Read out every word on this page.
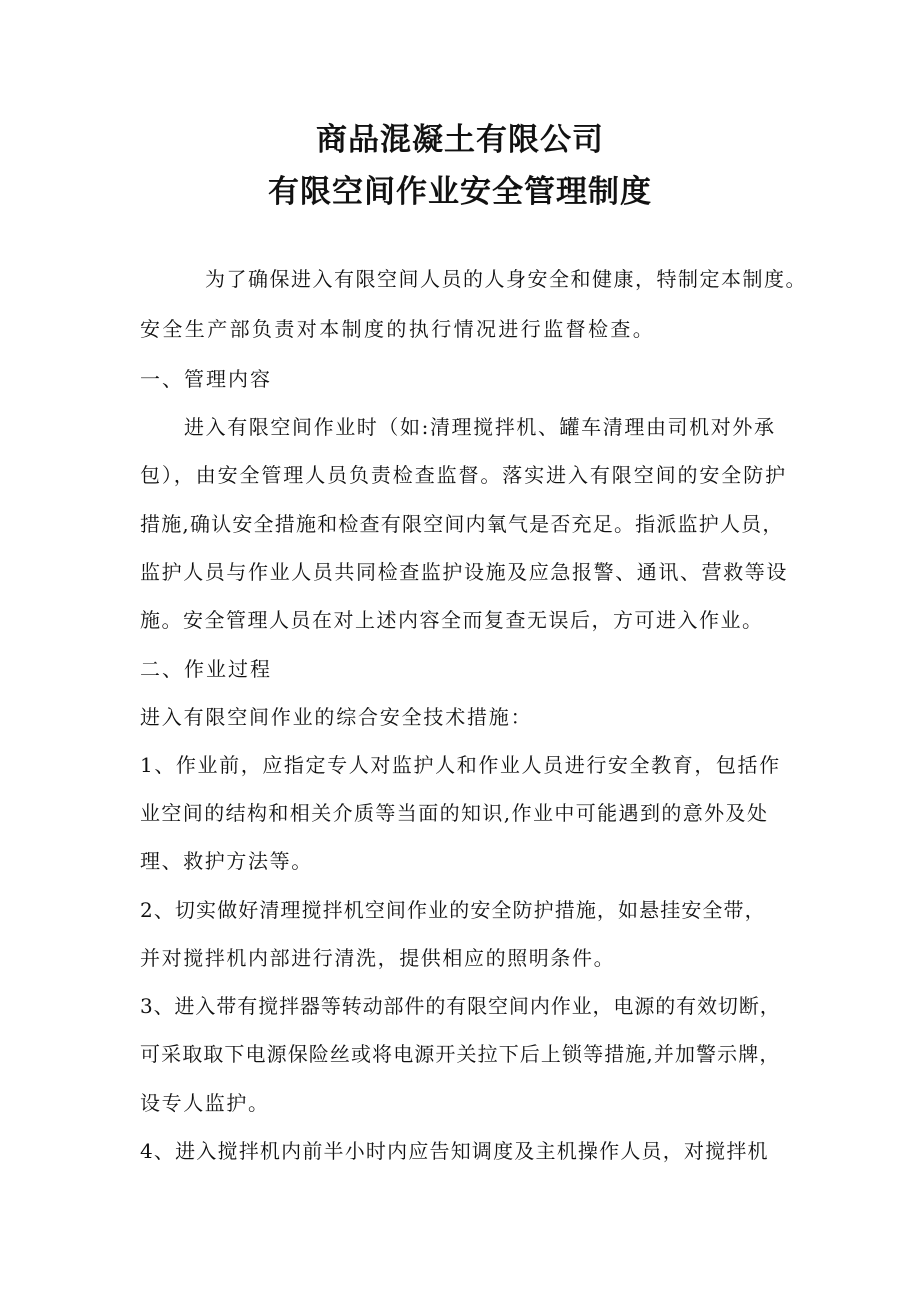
商品混凝土有限公司
有限空间作业安全管理制度
为了确保进入有限空间人员的人身安全和健康，特制定本制度。
安全生产部负责对本制度的执行情况进行监督检查。
一、管理内容
进入有限空间作业时（如:清理搅拌机、罐车清理由司机对外承
包），由安全管理人员负责检查监督。落实进入有限空间的安全防护
措施,确认安全措施和检查有限空间内氧气是否充足。指派监护人员，
监护人员与作业人员共同检查监护设施及应急报警、通讯、营救等设
施。安全管理人员在对上述内容全而复查无误后，方可进入作业。
二、作业过程
进入有限空间作业的综合安全技术措施：
1、作业前，应指定专人对监护人和作业人员进行安全教育，包括作
业空间的结构和相关介质等当面的知识,作业中可能遇到的意外及处
理、救护方法等。
2、切实做好清理搅拌机空间作业的安全防护措施，如悬挂安全带，
并对搅拌机内部进行清洗，提供相应的照明条件。
3、进入带有搅拌器等转动部件的有限空间内作业，电源的有效切断，
可采取取下电源保险丝或将电源开关拉下后上锁等措施,并加警示牌，
设专人监护。
4、进入搅拌机内前半小时内应告知调度及主机操作人员，对搅拌机
